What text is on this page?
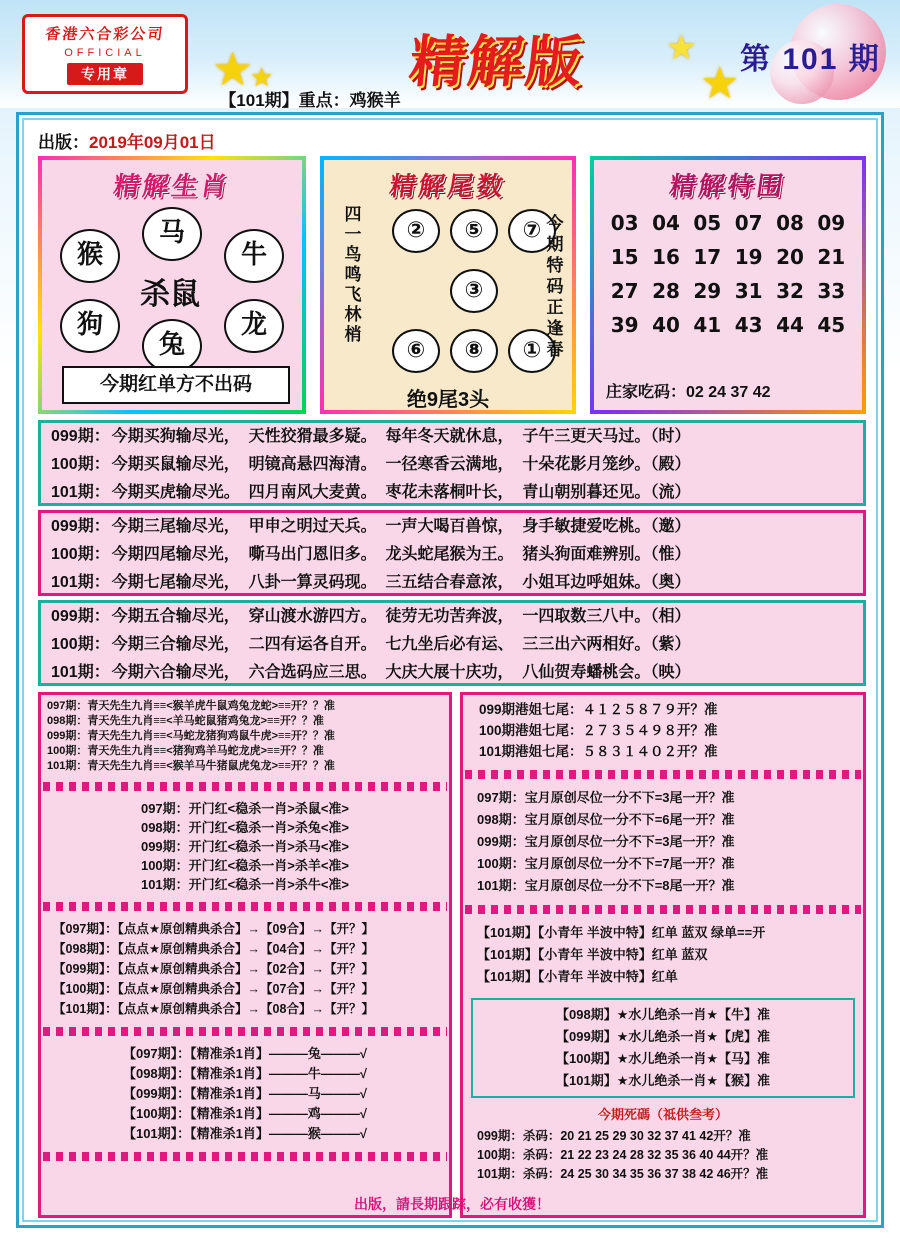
香港六合彩公司
OFFICIAL
专用章	★
★
★
★
精解版	第 101 期
【101期】重点：鸡猴羊
出版：2019年09月01日
精解生肖
猴
马
牛
狗
兔
龙
杀鼠
今期红单方不出码
精解尾数
四一鸟鸣飞林梢
②	⑤	⑦
③
⑥	⑧	①
今期特码正逢春
绝9尾3头
精解特围
03 04 05 07 08 09
15 16 17 19 20 21
27 28 29 31 32 33
39 40 41 43 44 45
庄家吃码：02 24 37 42
099期： 今期买狗输尽光， 天性狡猾最多疑。 每年冬天就休息， 子午三更天马过。（时）
100期： 今期买鼠输尽光， 明镜高悬四海清。 一径寒香云满地， 十朵花影月笼纱。（殿）
101期： 今期买虎输尽光。 四月南风大麦黄。 枣花未落桐叶长， 青山朝别暮还见。（流）
099期： 今期三尾输尽光， 甲申之明过天兵。 一声大喝百兽惊， 身手敏捷爱吃桃。（邀）
100期： 今期四尾输尽光， 嘶马出门恩旧多。 龙头蛇尾猴为王。 猪头狗面难辨别。（惟）
101期： 今期七尾输尽光， 八卦一算灵码现。 三五结合春意浓， 小姐耳边呼姐妹。（奥）
099期： 今期五合输尽光， 穿山渡水游四方。 徒劳无功苦奔波， 一四取数三八中。（相）
100期： 今期三合输尽光， 二四有运各自开。 七九坐后必有运、 三三出六两相好。（紫）
101期： 今期六合输尽光， 六合选码应三思。 大庆大展十庆功， 八仙贺寿蟠桃会。（映）
097期：青天先生九肖≡≡<猴羊虎牛鼠鸡兔龙蛇>≡≡开？？准
098期：青天先生九肖≡≡<羊马蛇鼠猪鸡兔龙>≡≡开？？准
099期：青天先生九肖≡≡<马蛇龙猪狗鸡鼠牛虎>≡≡开？？准
100期：青天先生九肖≡≡<猪狗鸡羊马蛇龙虎>≡≡开？？准
101期：青天先生九肖≡≡<猴羊马牛猪鼠虎兔龙>≡≡开？？准
097期：开门红<稳杀一肖>杀鼠<准>
098期：开门红<稳杀一肖>杀兔<准>
099期：开门红<稳杀一肖>杀马<准>
100期：开门红<稳杀一肖>杀羊<准>
101期：开门红<稳杀一肖>杀牛<准>
【097期】：【点点★原创精典杀合】→【09合】→【开？】
【098期】：【点点★原创精典杀合】→【04合】→【开？】
【099期】：【点点★原创精典杀合】→【02合】→【开？】
【100期】：【点点★原创精典杀合】→【07合】→【开？】
【101期】：【点点★原创精典杀合】→【08合】→【开？】
【097期】：【精准杀1肖】———兔———√
【098期】：【精准杀1肖】———牛———√
【099期】：【精准杀1肖】———马———√
【100期】：【精准杀1肖】———鸡———√
【101期】：【精准杀1肖】———猴———√
099期港姐七尾：４１２５８７９开？准
100期港姐七尾：２７３５４９８开？准
101期港姐七尾：５８３１４０２开？准
097期：宝月原创尽位一分不下=3尾一开？准
098期：宝月原创尽位一分不下=6尾一开？准
099期：宝月原创尽位一分不下=3尾一开？准
100期：宝月原创尽位一分不下=7尾一开？准
101期：宝月原创尽位一分不下=8尾一开？准
【101期】【小青年 半波中特】红单 蓝双 绿单==开
【101期】【小青年 半波中特】红单 蓝双
【101期】【小青年 半波中特】红单
【098期】★水儿绝杀一肖★【牛】准
【099期】★水儿绝杀一肖★【虎】准
【100期】★水儿绝杀一肖★【马】准
【101期】★水儿绝杀一肖★【猴】准
今期死碼（祗供叁考）
099期：杀码：20 21 25 29 30 32 37 41 42开？准
100期：杀码：21 22 23 24 28 32 35 36 40 44开？准
101期：杀码：24 25 30 34 35 36 37 38 42 46开？准
出版，請長期跟踪，必有收獲！
